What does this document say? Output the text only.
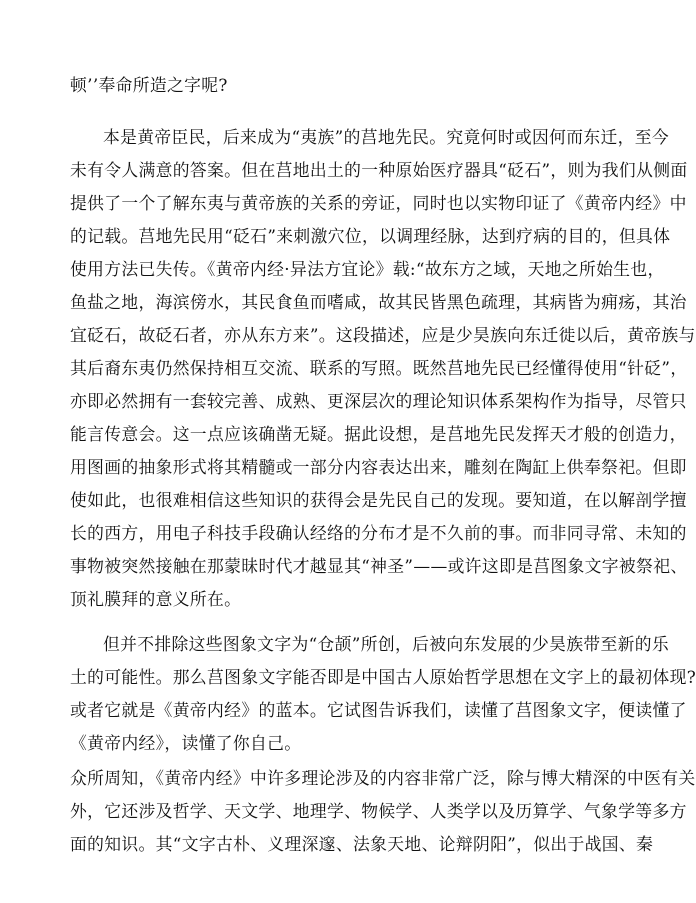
顿’’奉命所造之字呢?
本是黄帝臣民，后来成为“夷族”的莒地先民。究竟何时或因何而东迁，至今
未有令人满意的答案。但在莒地出土的一种原始医疗器具“砭石”，则为我们从侧面
提供了一个了解东夷与黄帝族的关系的旁证，同时也以实物印证了《黄帝内经》中
的记载。莒地先民用“砭石”来刺激穴位，以调理经脉，达到疗病的目的，但具体
使用方法已失传。《黄帝内经·异法方宜论》载:“故东方之域，天地之所始生也，
鱼盐之地，海滨傍水，其民食鱼而嗜咸，故其民皆黑色疏理，其病皆为痈疡，其治
宜砭石，故砭石者，亦从东方来”。这段描述，应是少昊族向东迁徙以后，黄帝族与
其后裔东夷仍然保持相互交流、联系的写照。既然莒地先民已经懂得使用“针砭”，
亦即必然拥有一套较完善、成熟、更深层次的理论知识体系架构作为指导，尽管只
能言传意会。这一点应该确凿无疑。据此设想，是莒地先民发挥天才般的创造力，
用图画的抽象形式将其精髓或一部分内容表达出来，雕刻在陶缸上供奉祭祀。但即
使如此，也很难相信这些知识的获得会是先民自己的发现。要知道，在以解剖学擅
长的西方，用电子科技手段确认经络的分布才是不久前的事。而非同寻常、未知的
事物被突然接触在那蒙昧时代才越显其“神圣”——或许这即是莒图象文字被祭祀、
顶礼膜拜的意义所在。
但并不排除这些图象文字为“仓颉”所创，后被向东发展的少昊族带至新的乐
土的可能性。那么莒图象文字能否即是中国古人原始哲学思想在文字上的最初体现?
或者它就是《黄帝内经》的蓝本。它试图告诉我们，读懂了莒图象文字，便读懂了
《黄帝内经》，读懂了你自己。
众所周知，《黄帝内经》中许多理论涉及的内容非常广泛，除与博大精深的中医有关
外，它还涉及哲学、天文学、地理学、物候学、人类学以及历算学、气象学等多方
面的知识。其“文字古朴、义理深邃、法象天地、论辩阴阳”，似出于战国、秦
